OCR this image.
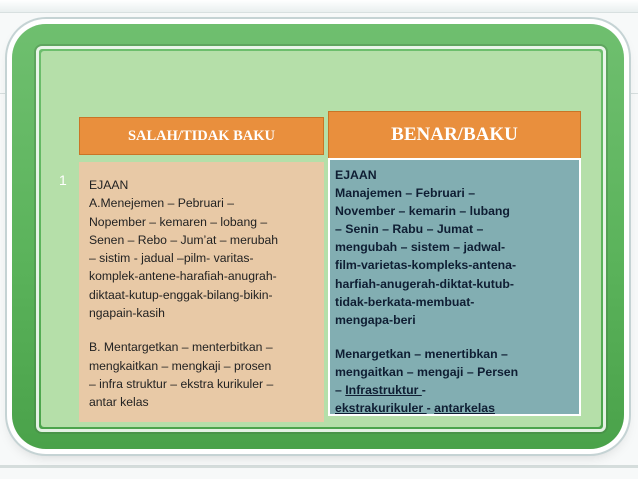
1
SALAH/TIDAK BAKU	BENAR/BAKU
EJAAN
A.Menejemen – Pebruari –
Nopember – kemaren – lobang –
Senen – Rebo – Jum’at – merubah
– sistim - jadual –pilm- varitas-
komplek-antene-harafiah-anugrah-
diktaat-kutup-enggak-bilang-bikin-
ngapain-kasih
B. Mentargetkan – menterbitkan –
mengkaitkan – mengkaji – prosen
– infra struktur – ekstra kurikuler –
antar kelas
EJAAN
Manajemen – Februari –
November – kemarin – lubang
– Senin – Rabu – Jumat –
mengubah – sistem – jadwal-
film-varietas-kompleks-antena-
harfiah-anugerah-diktat-kutub-
tidak-berkata-membuat-
mengapa-beri
Menargetkan – menertibkan –
mengaitkan – mengaji – Persen
– Infrastruktur -
ekstrakurikuler - antarkelas
